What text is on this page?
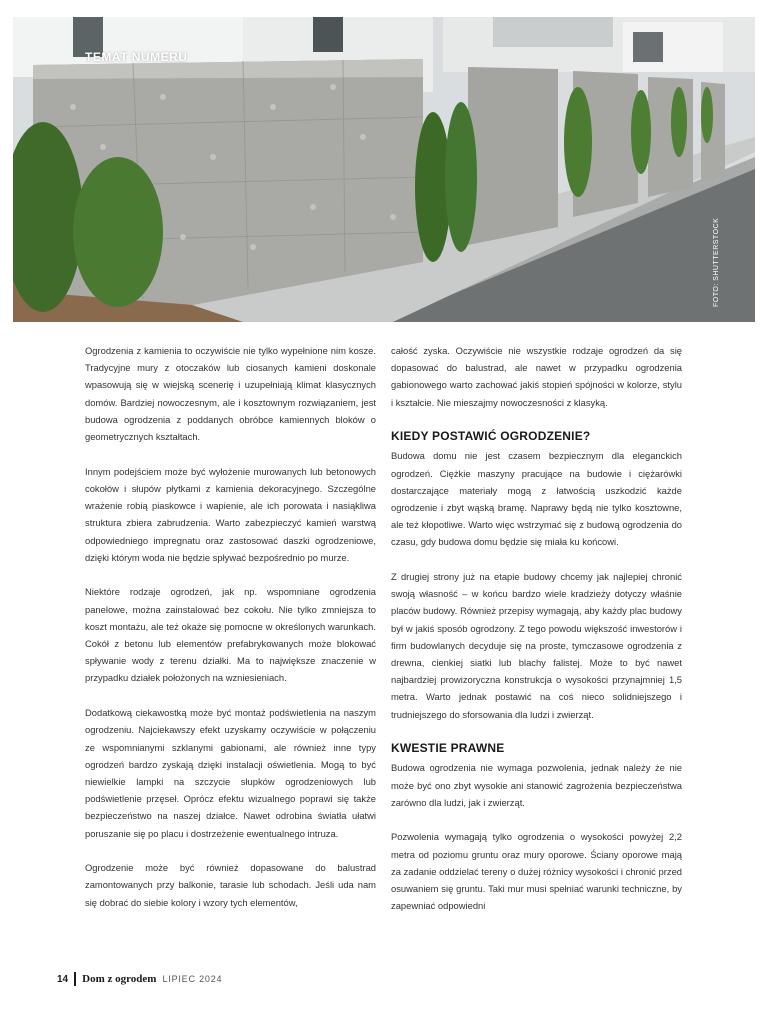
TEMAT NUMERU

FOTO: SHUTTERSTOCK

Ogrodzenia z kamienia to oczywiście nie tylko wypełnione nim kosze. Tradycyjne mury z otoczaków lub ciosanych kamieni doskonale wpasowują się w wiejską scenerię i uzupełniają klimat klasycznych domów. Bardziej nowoczesnym, ale i kosztownym rozwiązaniem, jest budowa ogrodzenia z poddanych obróbce kamiennych bloków o geometrycznych kształtach.

Innym podejściem może być wyłożenie murowanych lub betonowych cokołów i słupów płytkami z kamienia dekoracyjnego. Szczególne wrażenie robią piaskowce i wapienie, ale ich porowata i nasiąkliwa struktura zbiera zabrudzenia. Warto zabezpieczyć kamień warstwą odpowiedniego impregnatu oraz zastosować daszki ogrodzeniowe, dzięki którym woda nie będzie spływać bezpośrednio po murze.

Niektóre rodzaje ogrodzeń, jak np. wspomniane ogrodzenia panelowe, można zainstalować bez cokołu. Nie tylko zmniejsza to koszt montażu, ale też okaże się pomocne w określonych warunkach. Cokół z betonu lub elementów prefabrykowanych może blokować spływanie wody z terenu działki. Ma to największe znaczenie w przypadku działek położonych na wzniesieniach.

Dodatkową ciekawostką może być montaż podświetlenia na naszym ogrodzeniu. Najciekawszy efekt uzyskamy oczywiście w połączeniu ze wspomnianymi szklanymi gabionami, ale również inne typy ogrodzeń bardzo zyskają dzięki instalacji oświetlenia. Mogą to być niewielkie lampki na szczycie słupków ogrodzeniowych lub podświetlenie przęseł. Oprócz efektu wizualnego poprawi się także bezpieczeństwo na naszej działce. Nawet odrobina światła ułatwi poruszanie się po placu i dostrzeżenie ewentualnego intruza.

Ogrodzenie może być również dopasowane do balustrad zamontowanych przy balkonie, tarasie lub schodach. Jeśli uda nam się dobrać do siebie kolory i wzory tych elementów,

całość zyska. Oczywiście nie wszystkie rodzaje ogrodzeń da się dopasować do balustrad, ale nawet w przypadku ogrodzenia gabionowego warto zachować jakiś stopień spójności w kolorze, stylu i kształcie. Nie mieszajmy nowoczesności z klasyką.

KIEDY POSTAWIĆ OGRODZENIE?

Budowa domu nie jest czasem bezpiecznym dla eleganckich ogrodzeń. Ciężkie maszyny pracujące na budowie i ciężarówki dostarczające materiały mogą z łatwością uszkodzić każde ogrodzenie i zbyt wąską bramę. Naprawy będą nie tylko kosztowne, ale też kłopotliwe. Warto więc wstrzymać się z budową ogrodzenia do czasu, gdy budowa domu będzie się miała ku końcowi.

Z drugiej strony już na etapie budowy chcemy jak najlepiej chronić swoją własność – w końcu bardzo wiele kradzieży dotyczy właśnie placów budowy. Również przepisy wymagają, aby każdy plac budowy był w jakiś sposób ogrodzony. Z tego powodu większość inwestorów i firm budowlanych decyduje się na proste, tymczasowe ogrodzenia z drewna, cienkiej siatki lub blachy falistej. Może to być nawet najbardziej prowizoryczna konstrukcja o wysokości przynajmniej 1,5 metra. Warto jednak postawić na coś nieco solidniejszego i trudniejszego do sforsowania dla ludzi i zwierząt.

KWESTIE PRAWNE

Budowa ogrodzenia nie wymaga pozwolenia, jednak należy że nie może być ono zbyt wysokie ani stanowić zagrożenia bezpieczeństwa zarówno dla ludzi, jak i zwierząt.

Pozwolenia wymagają tylko ogrodzenia o wysokości powyżej 2,2 metra od poziomu gruntu oraz mury oporowe. Ściany oporowe mają za zadanie oddzielać tereny o dużej różnicy wysokości i chronić przed osuwaniem się gruntu. Taki mur musi spełniać warunki techniczne, by zapewniać odpowiedni

14 Dom z ogrodem LIPIEC 2024
